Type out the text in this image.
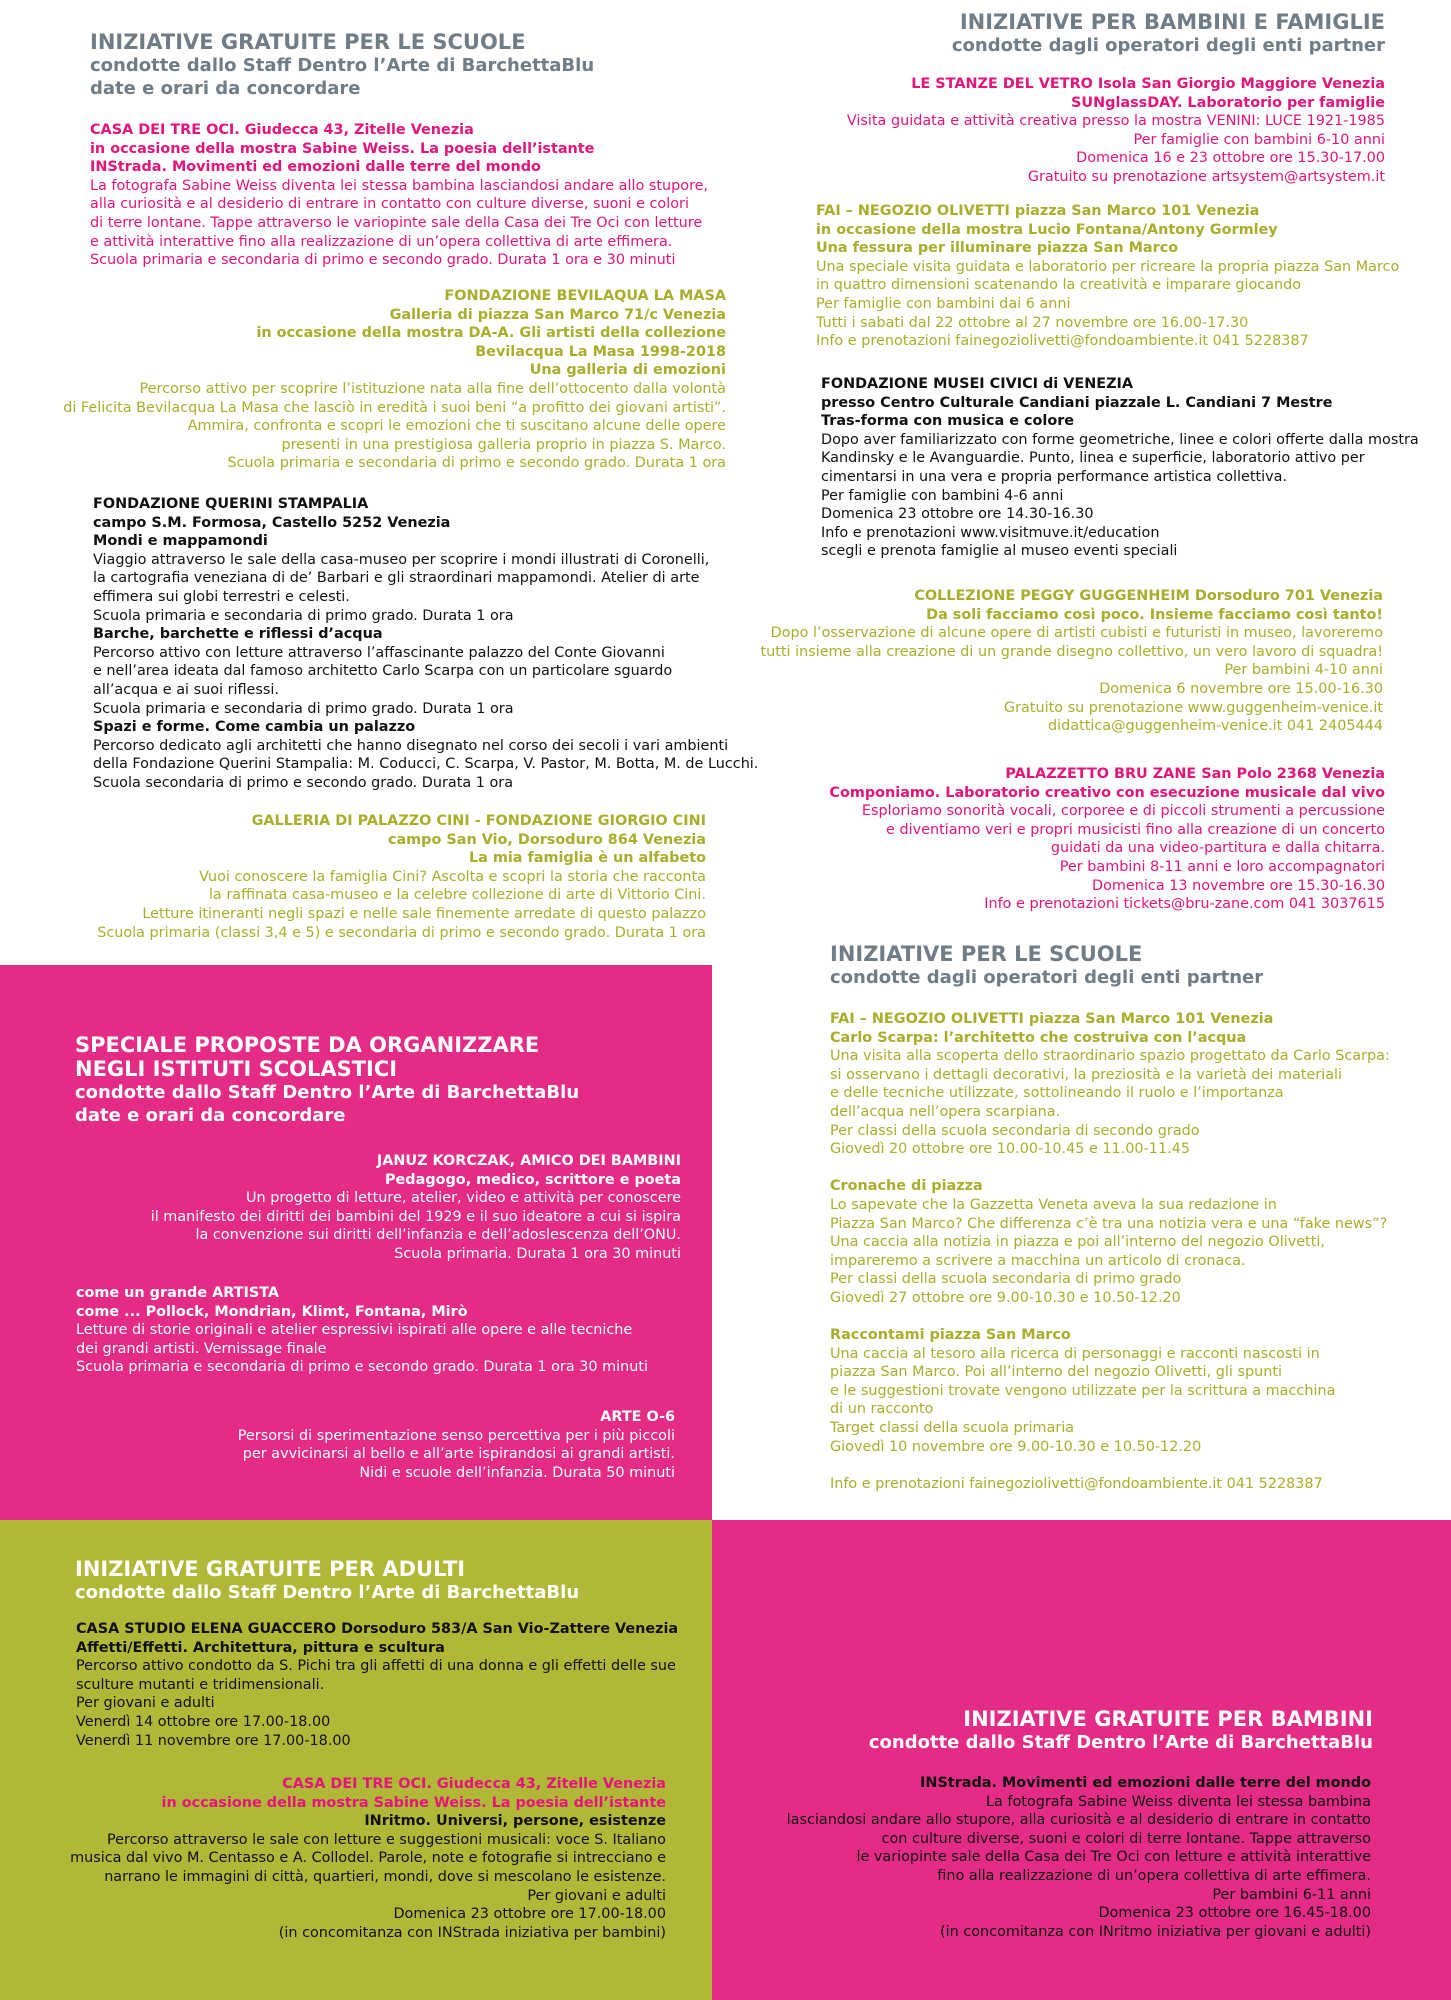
INIZIATIVE GRATUITE PER LE SCUOLE
condotte dallo Staff Dentro l’Arte di BarchettaBlu
date e orari da concordare
CASA DEI TRE OCI. Giudecca 43, Zitelle Venezia
in occasione della mostra Sabine Weiss. La poesia dell’istante
INStrada. Movimenti ed emozioni dalle terre del mondo
La fotografa Sabine Weiss diventa lei stessa bambina lasciandosi andare allo stupore,
alla curiosità e al desiderio di entrare in contatto con culture diverse, suoni e colori
di terre lontane. Tappe attraverso le variopinte sale della Casa dei Tre Oci con letture
e attività interattive fino alla realizzazione di un’opera collettiva di arte effimera.
Scuola primaria e secondaria di primo e secondo grado. Durata 1 ora e 30 minuti
FONDAZIONE BEVILAQUA LA MASA
Galleria di piazza San Marco 71/c Venezia
in occasione della mostra DA-A. Gli artisti della collezione
Bevilacqua La Masa 1998-2018
Una galleria di emozioni
Percorso attivo per scoprire l’istituzione nata alla fine dell’ottocento dalla volontà
di Felicita Bevilacqua La Masa che lasciò in eredità i suoi beni “a profitto dei giovani artisti”.
Ammira, confronta e scopri le emozioni che ti suscitano alcune delle opere
presenti in una prestigiosa galleria proprio in piazza S. Marco.
Scuola primaria e secondaria di primo e secondo grado. Durata 1 ora
FONDAZIONE QUERINI STAMPALIA
campo S.M. Formosa, Castello 5252 Venezia
Mondi e mappamondi
Viaggio attraverso le sale della casa-museo per scoprire i mondi illustrati di Coronelli,
la cartografia veneziana di de’ Barbari e gli straordinari mappamondi. Atelier di arte
effimera sui globi terrestri e celesti.
Scuola primaria e secondaria di primo grado. Durata 1 ora
Barche, barchette e riflessi d’acqua
Percorso attivo con letture attraverso l’affascinante palazzo del Conte Giovanni
e nell’area ideata dal famoso architetto Carlo Scarpa con un particolare sguardo
all’acqua e ai suoi riflessi.
Scuola primaria e secondaria di primo grado. Durata 1 ora
Spazi e forme. Come cambia un palazzo
Percorso dedicato agli architetti che hanno disegnato nel corso dei secoli i vari ambienti
della Fondazione Querini Stampalia: M. Coducci, C. Scarpa, V. Pastor, M. Botta, M. de Lucchi.
Scuola secondaria di primo e secondo grado. Durata 1 ora
GALLERIA DI PALAZZO CINI - FONDAZIONE GIORGIO CINI
campo San Vio, Dorsoduro 864 Venezia
La mia famiglia è un alfabeto
Vuoi conoscere la famiglia Cini? Ascolta e scopri la storia che racconta
la raffinata casa-museo e la celebre collezione di arte di Vittorio Cini.
Letture itineranti negli spazi e nelle sale finemente arredate di questo palazzo
Scuola primaria (classi 3,4 e 5) e secondaria di primo e secondo grado. Durata 1 ora
INIZIATIVE PER BAMBINI E FAMIGLIE
condotte dagli operatori degli enti partner
LE STANZE DEL VETRO Isola San Giorgio Maggiore Venezia
SUNglassDAY. Laboratorio per famiglie
Visita guidata e attività creativa presso la mostra VENINI: LUCE 1921-1985
Per famiglie con bambini 6-10 anni
Domenica 16 e 23 ottobre ore 15.30-17.00
Gratuito su prenotazione artsystem@artsystem.it
FAI – NEGOZIO OLIVETTI piazza San Marco 101 Venezia
in occasione della mostra Lucio Fontana/Antony Gormley
Una fessura per illuminare piazza San Marco
Una speciale visita guidata e laboratorio per ricreare la propria piazza San Marco
in quattro dimensioni scatenando la creatività e imparare giocando
Per famiglie con bambini dai 6 anni
Tutti i sabati dal 22 ottobre al 27 novembre ore 16.00-17.30
Info e prenotazioni fainegoziolivetti@fondoambiente.it 041 5228387
FONDAZIONE MUSEI CIVICI di VENEZIA
presso Centro Culturale Candiani piazzale L. Candiani 7 Mestre
Tras-forma con musica e colore
Dopo aver familiarizzato con forme geometriche, linee e colori offerte dalla mostra
Kandinsky e le Avanguardie. Punto, linea e superficie, laboratorio attivo per
cimentarsi in una vera e propria performance artistica collettiva.
Per famiglie con bambini 4-6 anni
Domenica 23 ottobre ore 14.30-16.30
Info e prenotazioni www.visitmuve.it/education
scegli e prenota famiglie al museo eventi speciali
COLLEZIONE PEGGY GUGGENHEIM Dorsoduro 701 Venezia
Da soli facciamo così poco. Insieme facciamo così tanto!
Dopo l’osservazione di alcune opere di artisti cubisti e futuristi in museo, lavoreremo
tutti insieme alla creazione di un grande disegno collettivo, un vero lavoro di squadra!
Per bambini 4-10 anni
Domenica 6 novembre ore 15.00-16.30
Gratuito su prenotazione www.guggenheim-venice.it
didattica@guggenheim-venice.it 041 2405444
PALAZZETTO BRU ZANE San Polo 2368 Venezia
Componiamo. Laboratorio creativo con esecuzione musicale dal vivo
Esploriamo sonorità vocali, corporee e di piccoli strumenti a percussione
e diventiamo veri e propri musicisti fino alla creazione di un concerto
guidati da una video-partitura e dalla chitarra.
Per bambini 8-11 anni e loro accompagnatori
Domenica 13 novembre ore 15.30-16.30
Info e prenotazioni tickets@bru-zane.com 041 3037615
INIZIATIVE PER LE SCUOLE
condotte dagli operatori degli enti partner
FAI – NEGOZIO OLIVETTI piazza San Marco 101 Venezia
Carlo Scarpa: l’architetto che costruiva con l’acqua
Una visita alla scoperta dello straordinario spazio progettato da Carlo Scarpa:
si osservano i dettagli decorativi, la preziosità e la varietà dei materiali
e delle tecniche utilizzate, sottolineando il ruolo e l’importanza
dell’acqua nell’opera scarpiana.
Per classi della scuola secondaria di secondo grado
Giovedì 20 ottobre ore 10.00-10.45 e 11.00-11.45
Cronache di piazza
Lo sapevate che la Gazzetta Veneta aveva la sua redazione in
Piazza San Marco? Che differenza c’è tra una notizia vera e una “fake news”?
Una caccia alla notizia in piazza e poi all’interno del negozio Olivetti,
impareremo a scrivere a macchina un articolo di cronaca.
Per classi della scuola secondaria di primo grado
Giovedì 27 ottobre ore 9.00-10.30 e 10.50-12.20
Raccontami piazza San Marco
Una caccia al tesoro alla ricerca di personaggi e racconti nascosti in
piazza San Marco. Poi all’interno del negozio Olivetti, gli spunti
e le suggestioni trovate vengono utilizzate per la scrittura a macchina
di un racconto
Target classi della scuola primaria
Giovedì 10 novembre ore 9.00-10.30 e 10.50-12.20
Info e prenotazioni fainegoziolivetti@fondoambiente.it 041 5228387
SPECIALE PROPOSTE DA ORGANIZZARE
NEGLI ISTITUTI SCOLASTICI
condotte dallo Staff Dentro l’Arte di BarchettaBlu
date e orari da concordare
JANUZ KORCZAK, AMICO DEI BAMBINI
Pedagogo, medico, scrittore e poeta
Un progetto di letture, atelier, video e attività per conoscere
il manifesto dei diritti dei bambini del 1929 e il suo ideatore a cui si ispira
la convenzione sui diritti dell’infanzia e dell’adoslescenza dell’ONU.
Scuola primaria. Durata 1 ora 30 minuti
come un grande ARTISTA
come ... Pollock, Mondrian, Klimt, Fontana, Mirò
Letture di storie originali e atelier espressivi ispirati alle opere e alle tecniche
dei grandi artisti. Vernissage finale
Scuola primaria e secondaria di primo e secondo grado. Durata 1 ora 30 minuti
ARTE O-6
Persorsi di sperimentazione senso percettiva per i più piccoli
per avvicinarsi al bello e all’arte ispirandosi ai grandi artisti.
Nidi e scuole dell’infanzia. Durata 50 minuti
INIZIATIVE GRATUITE PER ADULTI
condotte dallo Staff Dentro l’Arte di BarchettaBlu
CASA STUDIO ELENA GUACCERO Dorsoduro 583/A San Vio-Zattere Venezia
Affetti/Effetti. Architettura, pittura e scultura
Percorso attivo condotto da S. Pichi tra gli affetti di una donna e gli effetti delle sue
sculture mutanti e tridimensionali.
Per giovani e adulti
Venerdì 14 ottobre ore 17.00-18.00
Venerdì 11 novembre ore 17.00-18.00
CASA DEI TRE OCI. Giudecca 43, Zitelle Venezia
in occasione della mostra Sabine Weiss. La poesia dell’istante
INritmo. Universi, persone, esistenze
Percorso attraverso le sale con letture e suggestioni musicali: voce S. Italiano
musica dal vivo M. Centasso e A. Collodel. Parole, note e fotografie si intrecciano e
narrano le immagini di città, quartieri, mondi, dove si mescolano le esistenze.
Per giovani e adulti
Domenica 23 ottobre ore 17.00-18.00
(in concomitanza con INStrada iniziativa per bambini)
INIZIATIVE GRATUITE PER BAMBINI
condotte dallo Staff Dentro l’Arte di BarchettaBlu
INStrada. Movimenti ed emozioni dalle terre del mondo
La fotografa Sabine Weiss diventa lei stessa bambina
lasciandosi andare allo stupore, alla curiosità e al desiderio di entrare in contatto
con culture diverse, suoni e colori di terre lontane. Tappe attraverso
le variopinte sale della Casa dei Tre Oci con letture e attività interattive
fino alla realizzazione di un’opera collettiva di arte effimera.
Per bambini 6-11 anni
Domenica 23 ottobre ore 16.45-18.00
(in concomitanza con INritmo iniziativa per giovani e adulti)
